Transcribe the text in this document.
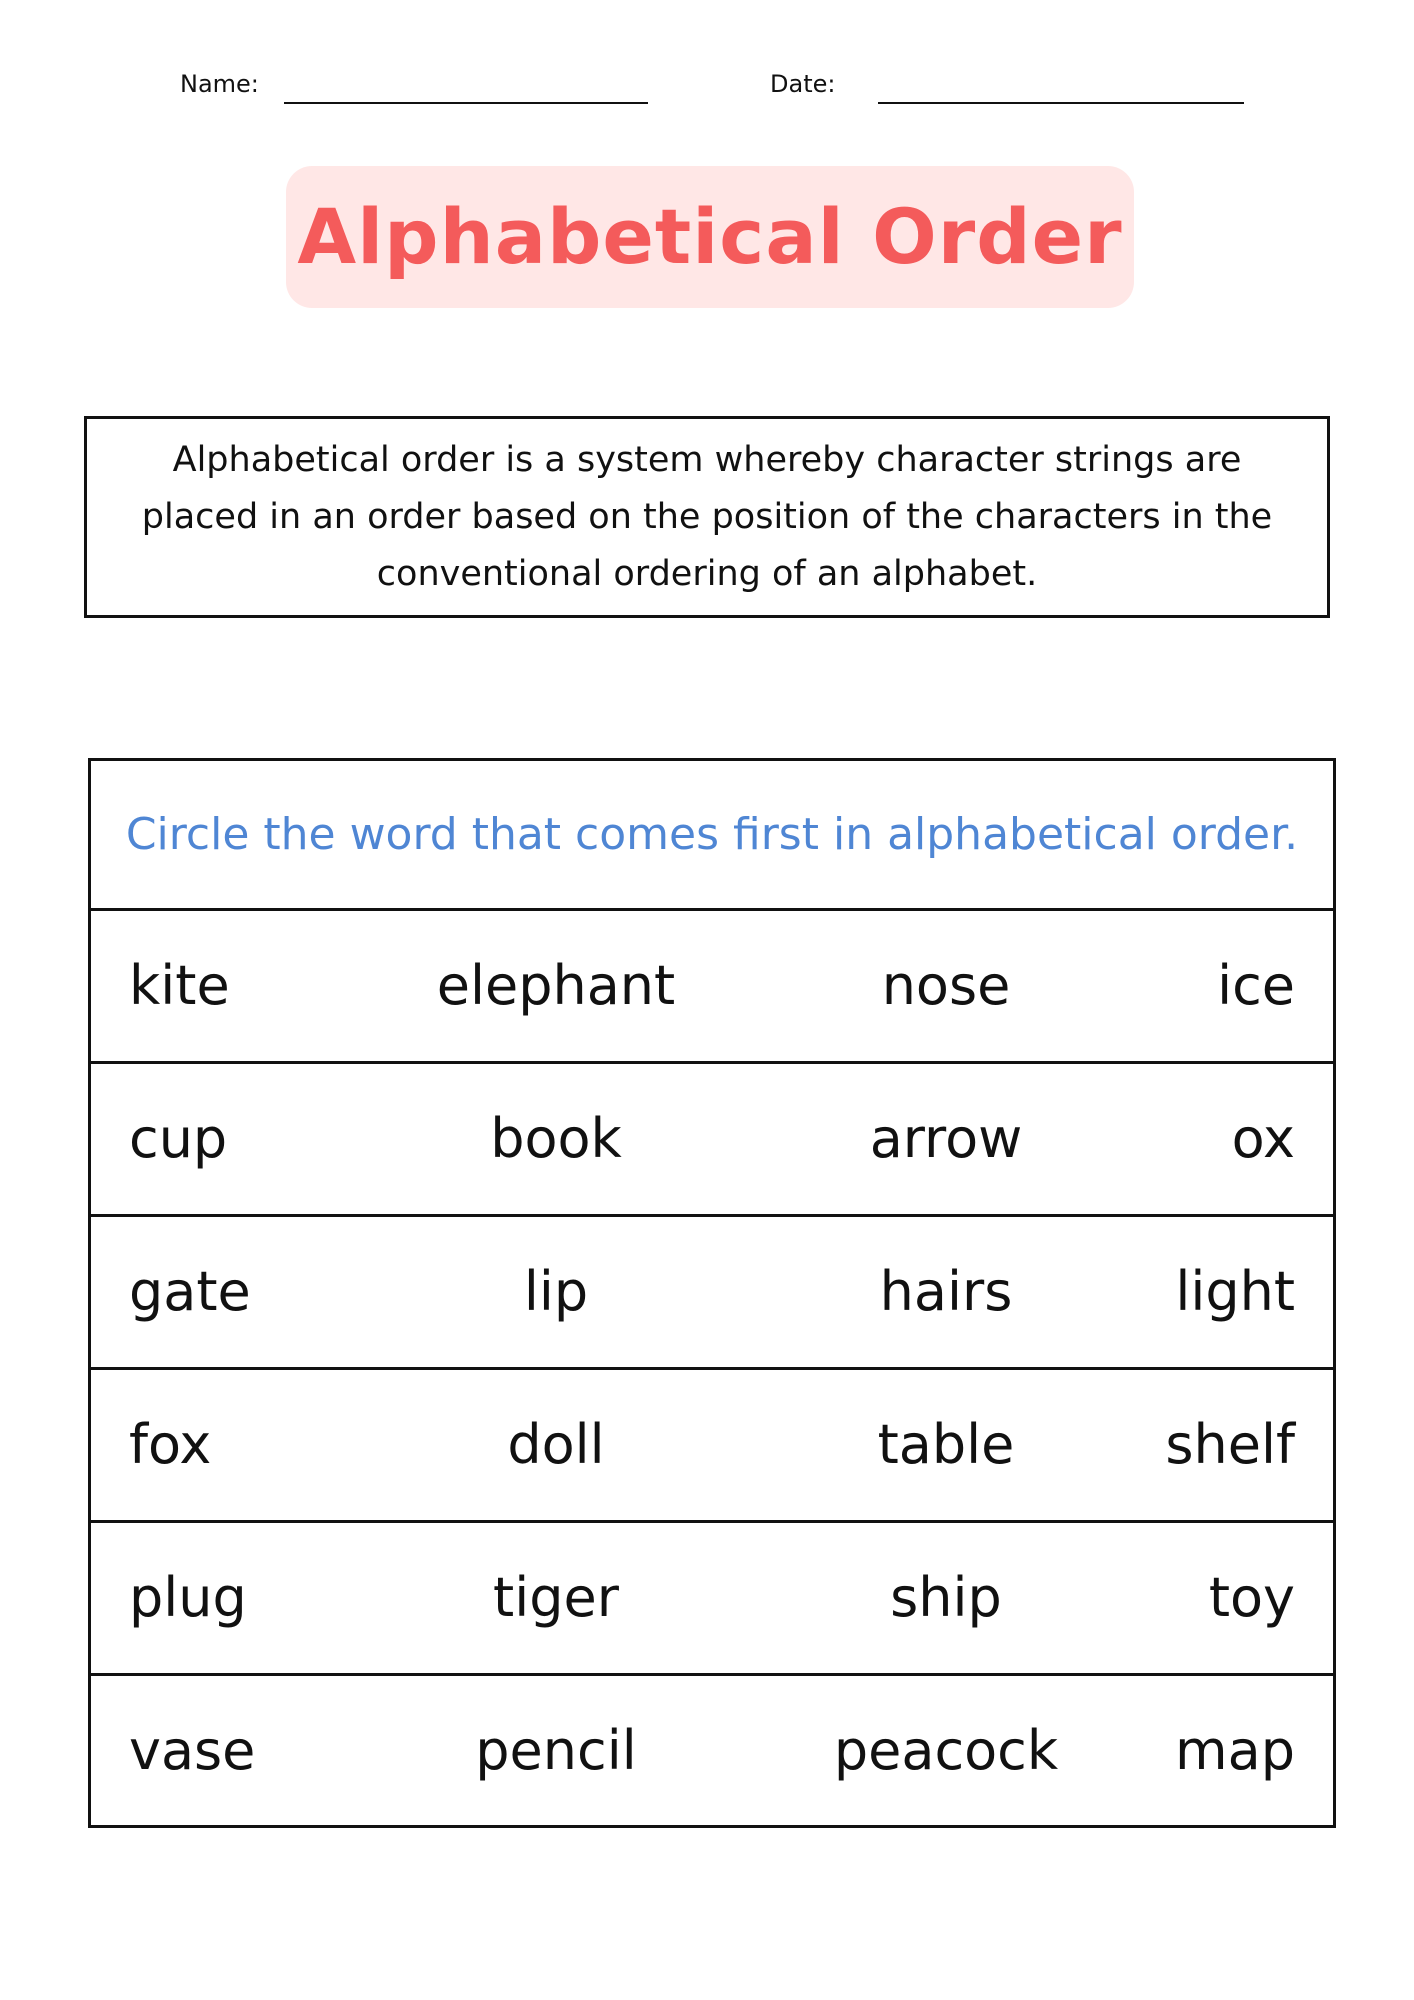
Name:	Date:
Alphabetical Order
Alphabetical order is a system whereby character strings are placed in an order based on the position of the characters in the conventional ordering of an alphabet.
Circle the word that comes first in alphabetical order.
kite	elephant	nose	ice
cup	book	arrow	ox
gate	lip	hairs	light
fox	doll	table	shelf
plug	tiger	ship	toy
vase	pencil	peacock	map
